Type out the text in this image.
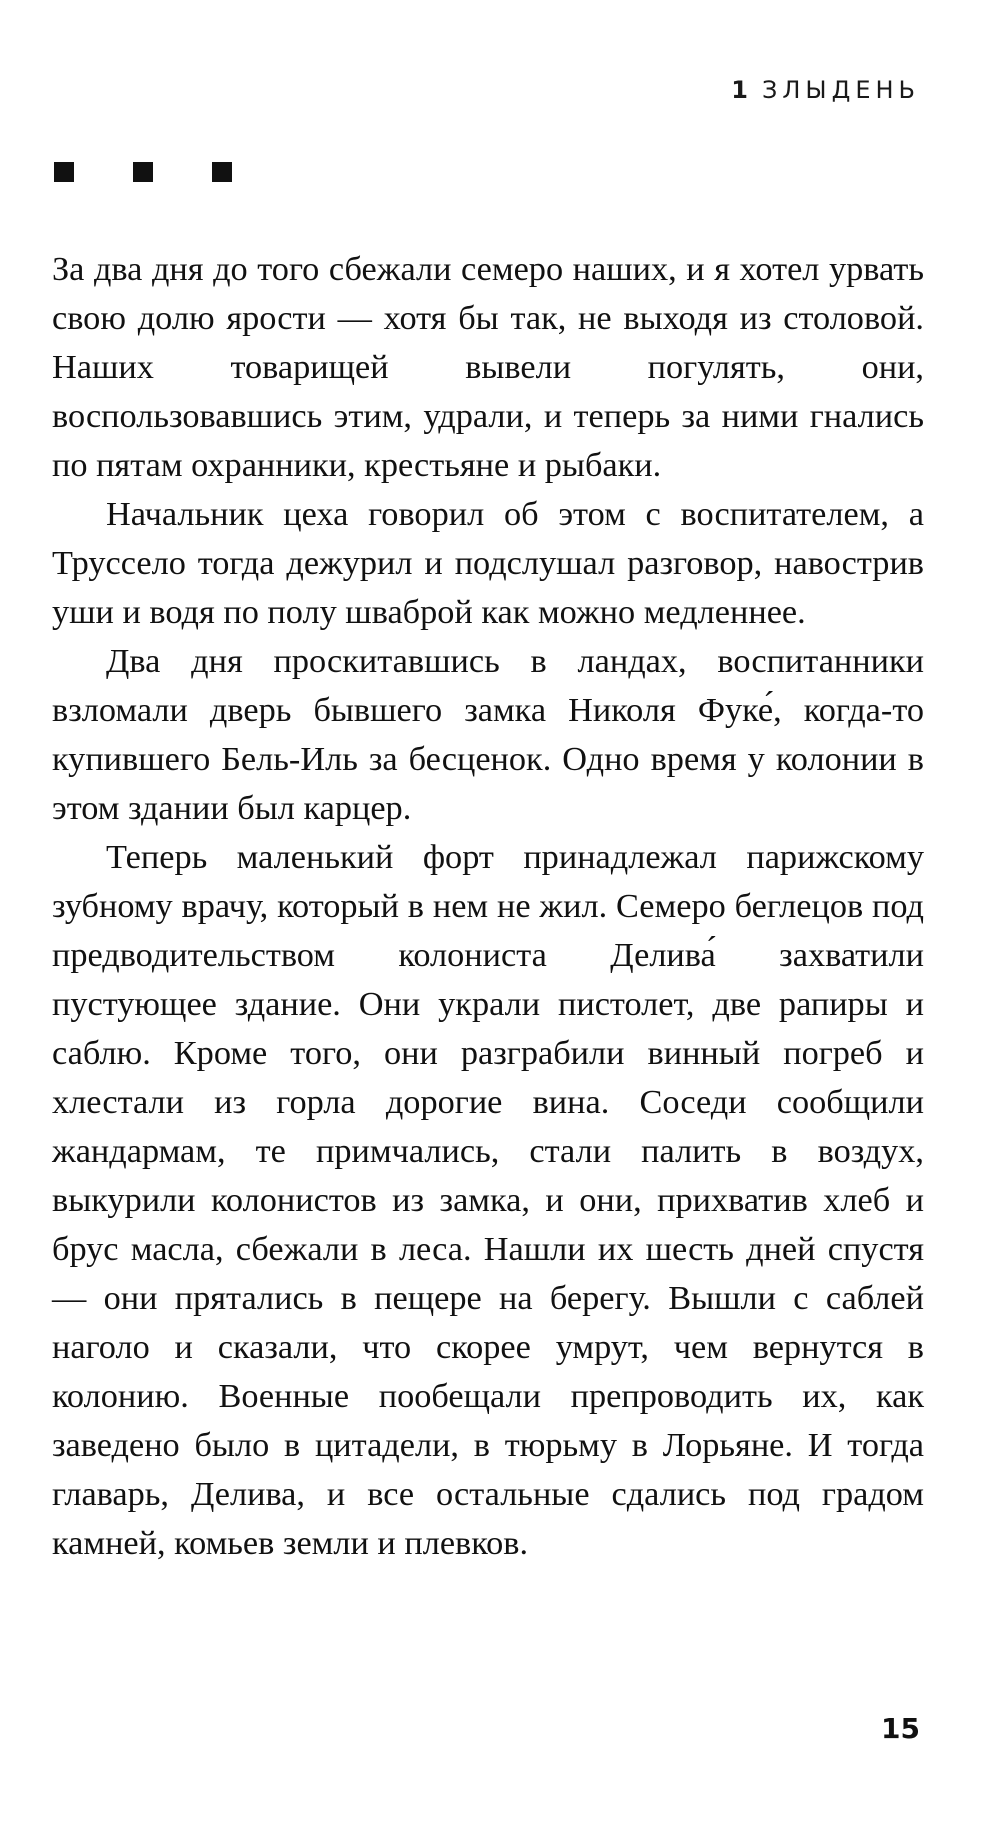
1 ЗЛЫДЕНЬ

За два дня до того сбежали семеро наших, и я хотел урвать свою долю ярости — хотя бы так, не выходя из столовой. Наших товарищей вывели погулять, они, воспользовавшись этим, удрали, и теперь за ними гнались по пятам охранники, крестьяне и рыбаки.

Начальник цеха говорил об этом с воспитателем, а Труссело тогда дежурил и подслушал разговор, навострив уши и водя по полу шваброй как можно медленнее.

Два дня проскитавшись в ландах, воспитанники взломали дверь бывшего замка Николя Фуке́, когда-то купившего Бель-Иль за бесценок. Одно время у колонии в этом здании был карцер.

Теперь маленький форт принадлежал парижскому зубному врачу, который в нем не жил. Семеро беглецов под предводительством колониста Делива́ захватили пустующее здание. Они украли пистолет, две рапиры и саблю. Кроме того, они разграбили винный погреб и хлестали из горла дорогие вина. Соседи сообщили жандармам, те примчались, стали палить в воздух, выкурили колонистов из замка, и они, прихватив хлеб и брус масла, сбежали в леса. Нашли их шесть дней спустя — они прятались в пещере на берегу. Вышли с саблей наголо и сказали, что скорее умрут, чем вернутся в колонию. Военные пообещали препроводить их, как заведено было в цитадели, в тюрьму в Лорьяне. И тогда главарь, Делива, и все остальные сдались под градом камней, комьев земли и плевков.

15
